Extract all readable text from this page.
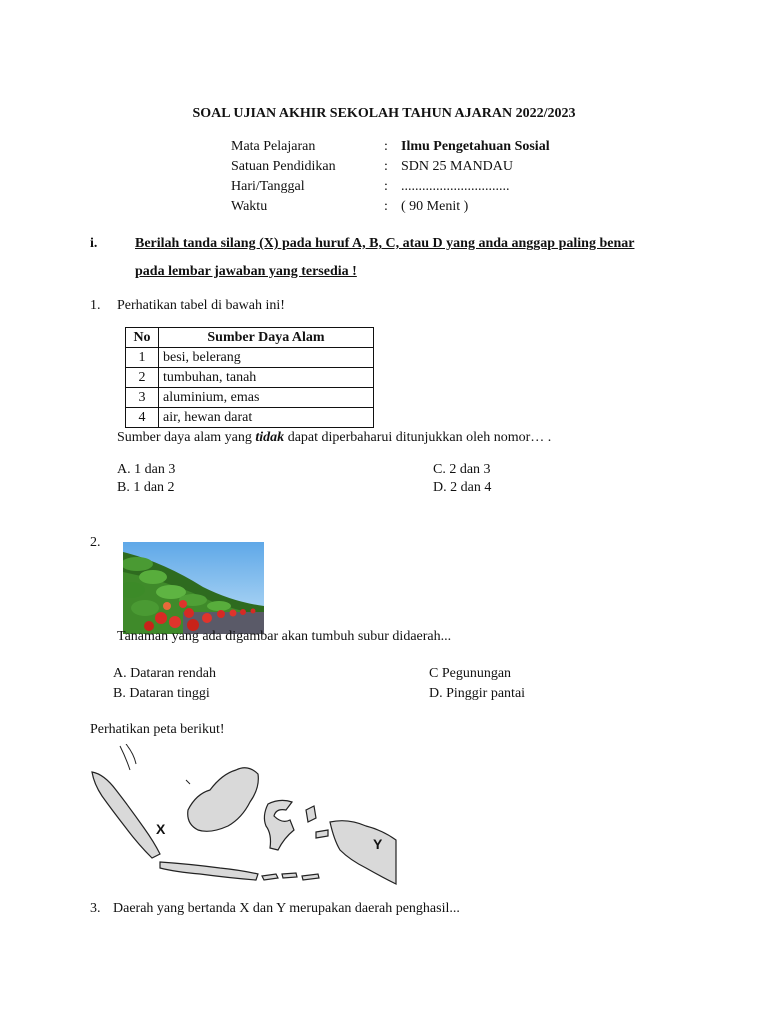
SOAL UJIAN AKHIR SEKOLAH TAHUN AJARAN 2022/2023
Mata Pelajaran	: Ilmu Pengetahuan Sosial
Satuan Pendidikan	: SDN 25 MANDAU
Hari/Tanggal	: ...............................
Waktu	: ( 90 Menit )
i.	Berilah tanda silang (X) pada huruf A, B, C, atau D yang anda anggap paling benar
pada lembar jawaban yang tersedia !
1. Perhatikan tabel di bawah ini!
No	Sumber Daya Alam
1	besi, belerang
2	tumbuhan, tanah
3	aluminium, emas
4	air, hewan darat
Sumber daya alam yang tidak dapat diperbaharui ditunjukkan oleh nomor… .
A. 1 dan 3
B. 1 dan 2
C. 2 dan 3
D. 2 dan 4
2.
Tanaman yang ada digambar akan tumbuh subur didaerah...
A. Dataran rendah
B. Dataran tinggi
C Pegunungan
D. Pinggir pantai
Perhatikan peta berikut!
X
Y
3. Daerah yang bertanda X dan Y merupakan daerah penghasil...
